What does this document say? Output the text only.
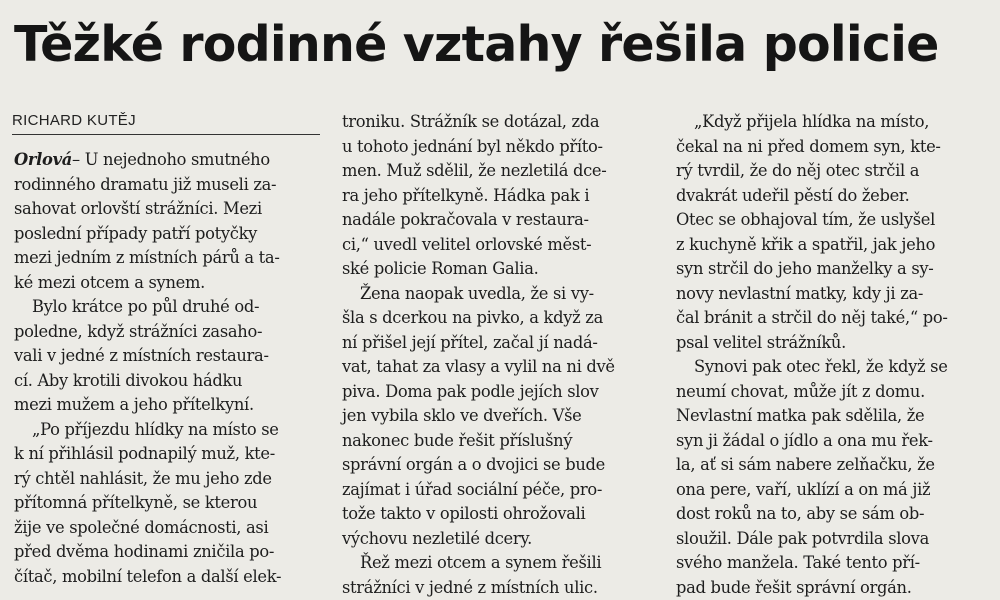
Těžké rodinné vztahy řešila policie
RICHARD KUTĚJ
Orlová– U nejednoho smutného
rodinného dramatu již museli za-
sahovat orlovští strážníci. Mezi
poslední případy patří potyčky
mezi jedním z místních párů a ta-
ké mezi otcem a synem.
Bylo krátce po půl druhé od-
poledne, když strážníci zasaho-
vali v jedné z místních restaura-
cí. Aby krotili divokou hádku
mezi mužem a jeho přítelkyní.
„Po příjezdu hlídky na místo se
k ní přihlásil podnapilý muž, kte-
rý chtěl nahlásit, že mu jeho zde
přítomná přítelkyně, se kterou
žije ve společné domácnosti, asi
před dvěma hodinami zničila po-
čítač, mobilní telefon a další elek-
troniku. Strážník se dotázal, zda
u tohoto jednání byl někdo příto-
men. Muž sdělil, že nezletilá dce-
ra jeho přítelkyně. Hádka pak i
nadále pokračovala v restaura-
ci,“ uvedl velitel orlovské měst-
ské policie Roman Galia.
Žena naopak uvedla, že si vy-
šla s dcerkou na pivko, a když za
ní přišel její přítel, začal jí nadá-
vat, tahat za vlasy a vylil na ni dvě
piva. Doma pak podle jejích slov
jen vybila sklo ve dveřích. Vše
nakonec bude řešit příslušný
správní orgán a o dvojici se bude
zajímat i úřad sociální péče, pro-
tože takto v opilosti ohrožovali
výchovu nezletilé dcery.
Řež mezi otcem a synem řešili
strážníci v jedné z místních ulic.
„Když přijela hlídka na místo,
čekal na ni před domem syn, kte-
rý tvrdil, že do něj otec strčil a
dvakrát udeřil pěstí do žeber.
Otec se obhajoval tím, že uslyšel
z kuchyně křik a spatřil, jak jeho
syn strčil do jeho manželky a sy-
novy nevlastní matky, kdy ji za-
čal bránit a strčil do něj také,“ po-
psal velitel strážníků.
Synovi pak otec řekl, že když se
neumí chovat, může jít z domu.
Nevlastní matka pak sdělila, že
syn ji žádal o jídlo a ona mu řek-
la, ať si sám nabere zelňačku, že
ona pere, vaří, uklízí a on má již
dost roků na to, aby se sám ob-
sloužil. Dále pak potvrdila slova
svého manžela. Také tento pří-
pad bude řešit správní orgán.
